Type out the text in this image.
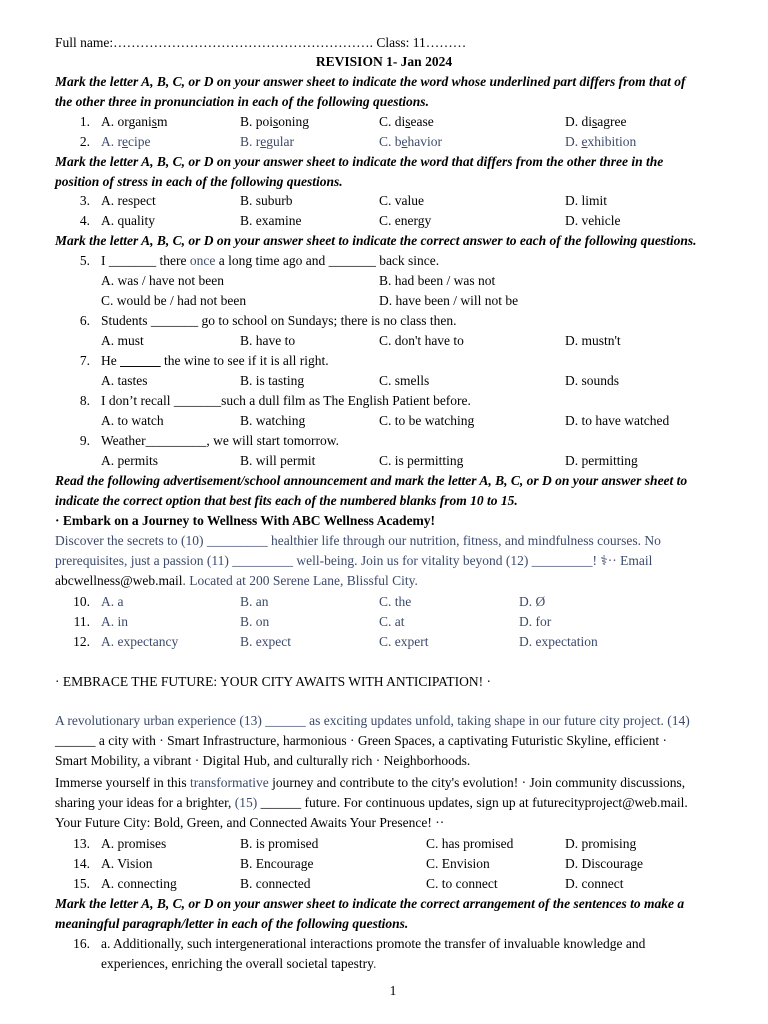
Full name:…………………………………………………. Class: 11………
REVISION 1- Jan 2024
Mark the letter A, B, C, or D on your answer sheet to indicate the word whose underlined part differs from that of
the other three in pronunciation in each of the following questions.
1. A. organism	B. poisoning	C. disease	D. disagree
2. A. recipe	B. regular	C. behavior	D. exhibition
Mark the letter A, B, C, or D on your answer sheet to indicate the word that differs from the other three in the
position of stress in each of the following questions.
3. A. respect	B. suburb	C. value	D. limit
4. A. quality	B. examine	C. energy	D. vehicle
Mark the letter A, B, C, or D on your answer sheet to indicate the correct answer to each of the following questions.
5. I _______ there once a long time ago and _______ back since.
A. was / have not been	B. had been / was not
C. would be / had not been	D. have been / will not be
6. Students _______ go to school on Sundays; there is no class then.
A. must	B. have to	C. don't have to	D. mustn't
7. He ______ the wine to see if it is all right.
A. tastes	B. is tasting	C. smells	D. sounds
8. I don’t recall _______such a dull film as The English Patient before.
A. to watch	B. watching	C. to be watching	D. to have watched
9. Weather_________, we will start tomorrow.
A. permits	B. will permit	C. is permitting	D. permitting
Read the following advertisement/school announcement and mark the letter A, B, C, or D on your answer sheet to
indicate the correct option that best fits each of the numbered blanks from 10 to 15.
· Embark on a Journey to Wellness With ABC Wellness Academy!
Discover the secrets to (10) _________ healthier life through our nutrition, fitness, and mindfulness courses. No
prerequisites, just a passion (11) _________ well-being. Join us for vitality beyond (12) _________! ⚕·· Email
abcwellness@web.mail. Located at 200 Serene Lane, Blissful City.
10. A. a	B. an	C. the	D. Ø
11. A. in	B. on	C. at	D. for
12. A. expectancy	B. expect	C. expert	D. expectation
· EMBRACE THE FUTURE: YOUR CITY AWAITS WITH ANTICIPATION! ·
A revolutionary urban experience (13) ______ as exciting updates unfold, taking shape in our future city project. (14)
______ a city with · Smart Infrastructure, harmonious · Green Spaces, a captivating Futuristic Skyline, efficient ·
Smart Mobility, a vibrant · Digital Hub, and culturally rich · Neighborhoods.
Immerse yourself in this transformative journey and contribute to the city's evolution! · Join community discussions,
sharing your ideas for a brighter, (15) ______ future. For continuous updates, sign up at futurecityproject@web.mail.
Your Future City: Bold, Green, and Connected Awaits Your Presence! ··
13. A. promises	B. is promised	C. has promised	D. promising
14. A. Vision	B. Encourage	C. Envision	D. Discourage
15. A. connecting	B. connected	C. to connect	D. connect
Mark the letter A, B, C, or D on your answer sheet to indicate the correct arrangement of the sentences to make a
meaningful paragraph/letter in each of the following questions.
16. a. Additionally, such intergenerational interactions promote the transfer of invaluable knowledge and
experiences, enriching the overall societal tapestry.
1
